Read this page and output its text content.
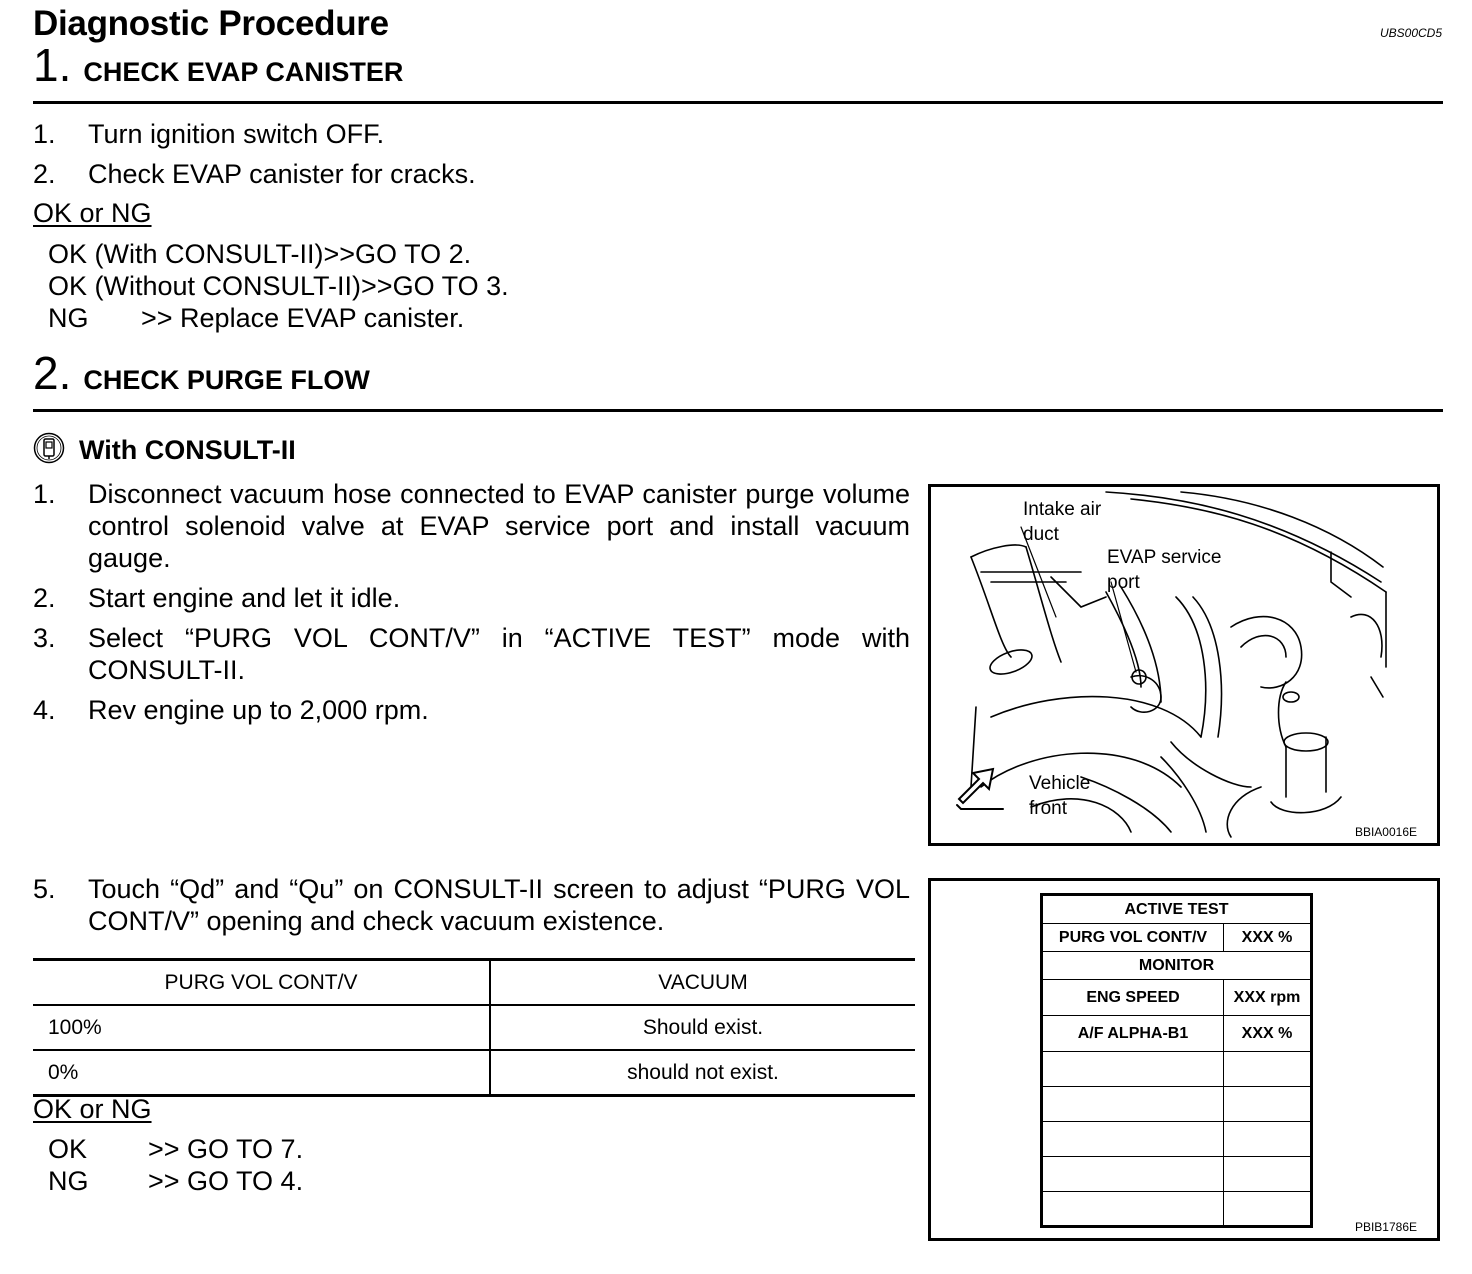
Diagnostic Procedure	UBS00CD5
1. CHECK EVAP CANISTER
1.	Turn ignition switch OFF.
2.	Check EVAP canister for cracks.
OK or NG
OK (With CONSULT-II)>>GO TO 2.
OK (Without CONSULT-II)>>GO TO 3.
NG       >> Replace EVAP canister.
2. CHECK PURGE FLOW
With CONSULT-II
1.	Disconnect vacuum hose connected to EVAP canister purge volume control solenoid valve at EVAP service port and install vacuum gauge.
2.	Start engine and let it idle.
3.	Select “PURG VOL CONT/V” in “ACTIVE TEST” mode with CONSULT-II.
4.	Rev engine up to 2,000 rpm.
5.	Touch “Qd” and “Qu” on CONSULT-II screen to adjust “PURG VOL CONT/V” opening and check vacuum existence.
PURG VOL CONT/V	VACUUM
100%	Should exist.
0%	should not exist.
OK or NG
OK >> GO TO 7.
NG >> GO TO 4.
Intake air
duct
EVAP service
port
Vehicle
front
BBIA0016E
PBIB1786E
ACTIVE TEST	
PURG VOL CONT/V	XXX %
MONITOR	
ENG SPEED	XXX rpm
A/F ALPHA-B1	XXX %
